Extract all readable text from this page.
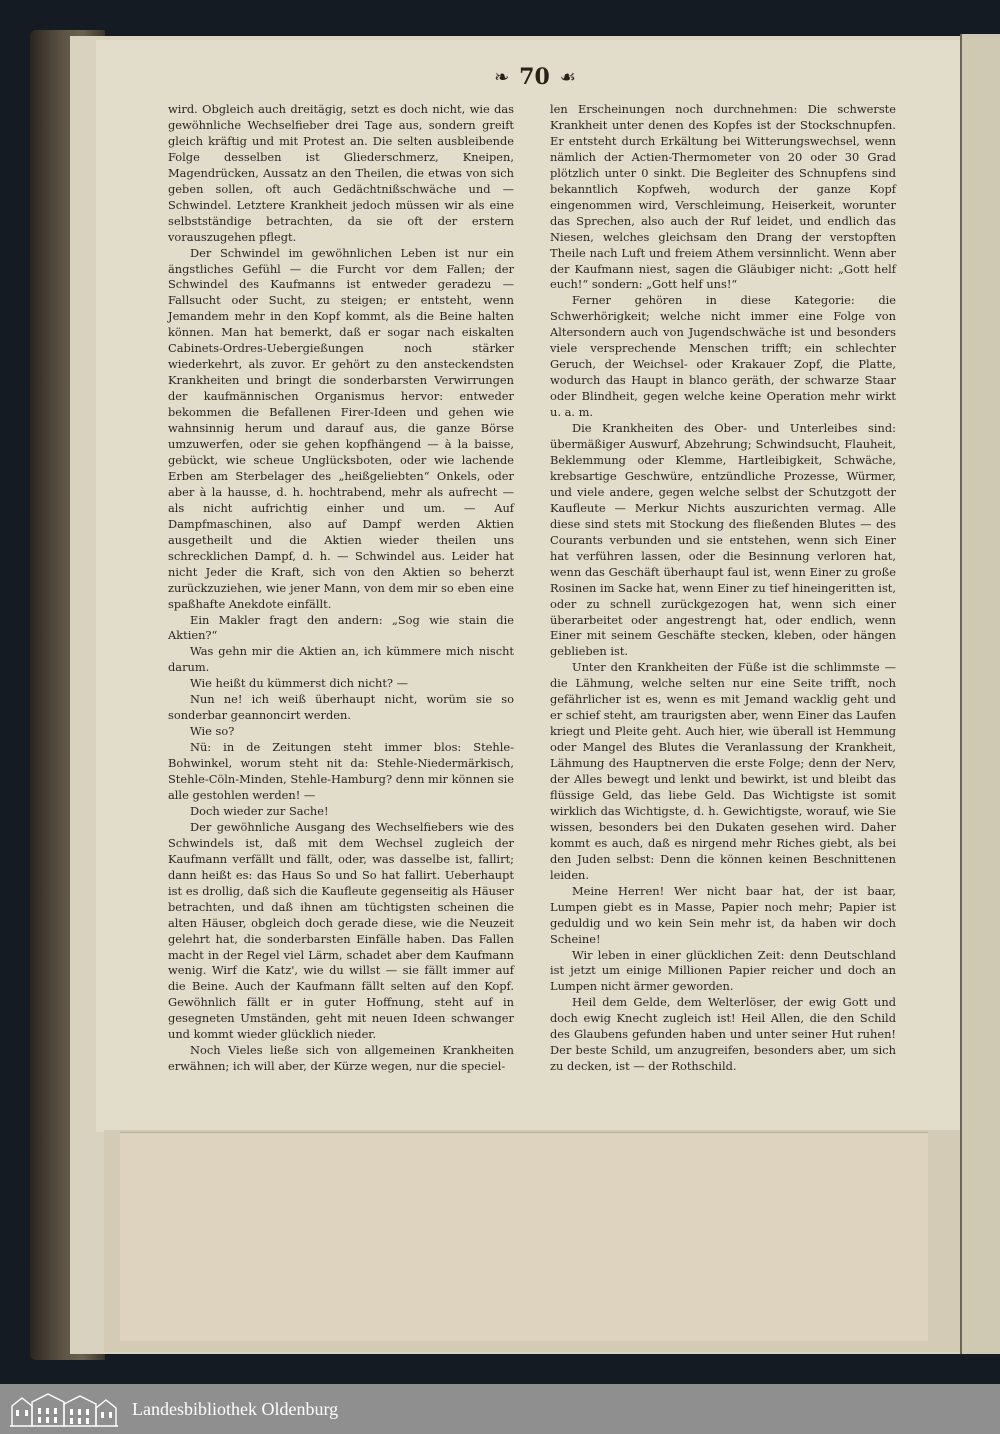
❧ 70 ☙

wird. Obgleich auch dreitägig, setzt es doch nicht, wie das gewöhnliche Wechselfieber drei Tage aus, sondern greift gleich kräftig und mit Protest an. Die selten ausbleibende Folge desselben ist Gliederschmerz, Kneipen, Magendrücken, Aussatz an den Theilen, die etwas von sich geben sollen, oft auch Gedächtnißschwäche und — Schwindel. Letztere Krankheit jedoch müssen wir als eine selbstständige betrachten, da sie oft der erstern vorauszugehen pflegt.

Der Schwindel im gewöhnlichen Leben ist nur ein ängstliches Gefühl — die Furcht vor dem Fallen; der Schwindel des Kaufmanns ist entweder geradezu — Fallsucht oder Sucht, zu steigen; er entsteht, wenn Jemandem mehr in den Kopf kommt, als die Beine halten können. Man hat bemerkt, daß er sogar nach eiskalten Cabinets-Ordres-Uebergießungen noch stärker wiederkehrt, als zuvor. Er gehört zu den ansteckendsten Krankheiten und bringt die sonderbarsten Verwirrungen der kaufmännischen Organismus hervor: entweder bekommen die Befallenen Firer-Ideen und gehen wie wahnsinnig herum und darauf aus, die ganze Börse umzuwerfen, oder sie gehen kopfhängend — à la baisse, gebückt, wie scheue Unglücksboten, oder wie lachende Erben am Sterbelager des „heißgeliebten“ Onkels, oder aber à la hausse, d. h. hochtrabend, mehr als aufrecht — als nicht aufrichtig einher und um. — Auf Dampfmaschinen, also auf Dampf werden Aktien ausgetheilt und die Aktien wieder theilen uns schrecklichen Dampf, d. h. — Schwindel aus. Leider hat nicht Jeder die Kraft, sich von den Aktien so beherzt zurückzuziehen, wie jener Mann, von dem mir so eben eine spaßhafte Anekdote einfällt.

Ein Makler fragt den andern: „Sog wie stain die Aktien?“

Was gehn mir die Aktien an, ich kümmere mich nischt darum.

Wie heißt du kümmerst dich nicht? —

Nun ne! ich weiß überhaupt nicht, worüm sie so sonderbar geannoncirt werden.

Wie so?

Nü: in de Zeitungen steht immer blos: Stehle-Bohwinkel, worum steht nit da: Stehle-Niedermärkisch, Stehle-Cöln-Minden, Stehle-Hamburg? denn mir können sie alle gestohlen werden! —

Doch wieder zur Sache!

Der gewöhnliche Ausgang des Wechselfiebers wie des Schwindels ist, daß mit dem Wechsel zugleich der Kaufmann verfällt und fällt, oder, was dasselbe ist, fallirt; dann heißt es: das Haus So und So hat fallirt. Ueberhaupt ist es drollig, daß sich die Kaufleute gegenseitig als Häuser betrachten, und daß ihnen am tüchtigsten scheinen die alten Häuser, obgleich doch gerade diese, wie die Neuzeit gelehrt hat, die sonderbarsten Einfälle haben. Das Fallen macht in der Regel viel Lärm, schadet aber dem Kaufmann wenig. Wirf die Katz', wie du willst — sie fällt immer auf die Beine. Auch der Kaufmann fällt selten auf den Kopf. Gewöhnlich fällt er in guter Hoffnung, steht auf in gesegneten Umständen, geht mit neuen Ideen schwanger und kommt wieder glücklich nieder.

Noch Vieles ließe sich von allgemeinen Krankheiten erwähnen; ich will aber, der Kürze wegen, nur die speciel-

len Erscheinungen noch durchnehmen: Die schwerste Krankheit unter denen des Kopfes ist der Stockschnupfen. Er entsteht durch Erkältung bei Witterungswechsel, wenn nämlich der Actien-Thermometer von 20 oder 30 Grad plötzlich unter 0 sinkt. Die Begleiter des Schnupfens sind bekanntlich Kopfweh, wodurch der ganze Kopf eingenommen wird, Verschleimung, Heiserkeit, worunter das Sprechen, also auch der Ruf leidet, und endlich das Niesen, welches gleichsam den Drang der verstopften Theile nach Luft und freiem Athem versinnlicht. Wenn aber der Kaufmann niest, sagen die Gläubiger nicht: „Gott helf euch!“ sondern: „Gott helf uns!“

Ferner gehören in diese Kategorie: die Schwerhörigkeit; welche nicht immer eine Folge von Altersondern auch von Jugendschwäche ist und besonders viele versprechende Menschen trifft; ein schlechter Geruch, der Weichsel- oder Krakauer Zopf, die Platte, wodurch das Haupt in blanco geräth, der schwarze Staar oder Blindheit, gegen welche keine Operation mehr wirkt u. a. m.

Die Krankheiten des Ober- und Unterleibes sind: übermäßiger Auswurf, Abzehrung; Schwindsucht, Flauheit, Beklemmung oder Klemme, Hartleibigkeit, Schwäche, krebsartige Geschwüre, entzündliche Prozesse, Würmer, und viele andere, gegen welche selbst der Schutzgott der Kaufleute — Merkur Nichts auszurichten vermag. Alle diese sind stets mit Stockung des fließenden Blutes — des Courants verbunden und sie entstehen, wenn sich Einer hat verführen lassen, oder die Besinnung verloren hat, wenn das Geschäft überhaupt faul ist, wenn Einer zu große Rosinen im Sacke hat, wenn Einer zu tief hineingeritten ist, oder zu schnell zurückgezogen hat, wenn sich einer überarbeitet oder angestrengt hat, oder endlich, wenn Einer mit seinem Geschäfte stecken, kleben, oder hängen geblieben ist.

Unter den Krankheiten der Füße ist die schlimmste — die Lähmung, welche selten nur eine Seite trifft, noch gefährlicher ist es, wenn es mit Jemand wacklig geht und er schief steht, am traurigsten aber, wenn Einer das Laufen kriegt und Pleite geht. Auch hier, wie überall ist Hemmung oder Mangel des Blutes die Veranlassung der Krankheit, Lähmung des Hauptnerven die erste Folge; denn der Nerv, der Alles bewegt und lenkt und bewirkt, ist und bleibt das flüssige Geld, das liebe Geld. Das Wichtigste ist somit wirklich das Wichtigste, d. h. Gewichtigste, worauf, wie Sie wissen, besonders bei den Dukaten gesehen wird. Daher kommt es auch, daß es nirgend mehr Riches giebt, als bei den Juden selbst: Denn die können keinen Beschnittenen leiden.

Meine Herren! Wer nicht baar hat, der ist baar, Lumpen giebt es in Masse, Papier noch mehr; Papier ist geduldig und wo kein Sein mehr ist, da haben wir doch Scheine!

Wir leben in einer glücklichen Zeit: denn Deutschland ist jetzt um einige Millionen Papier reicher und doch an Lumpen nicht ärmer geworden.

Heil dem Gelde, dem Welterlöser, der ewig Gott und doch ewig Knecht zugleich ist! Heil Allen, die den Schild des Glaubens gefunden haben und unter seiner Hut ruhen! Der beste Schild, um anzugreifen, besonders aber, um sich zu decken, ist — der Rothschild.

Landesbibliothek Oldenburg
